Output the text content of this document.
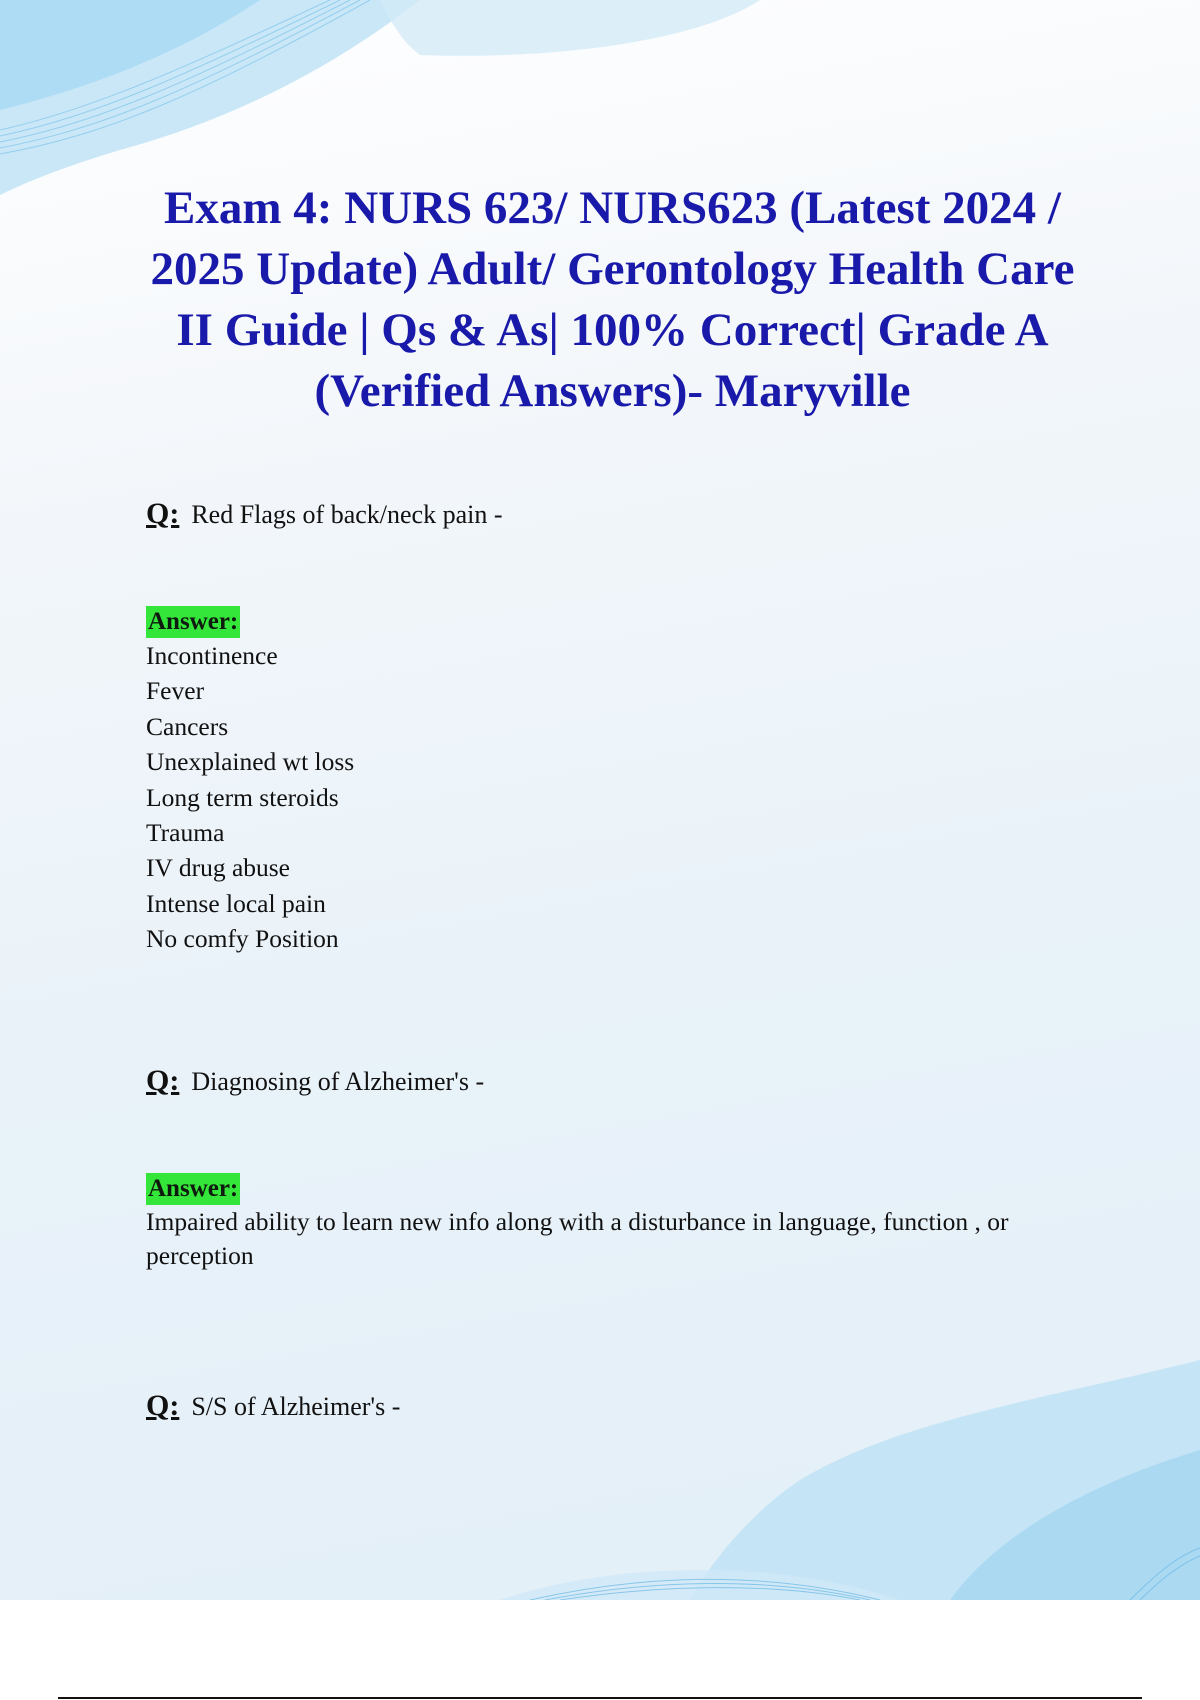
Exam 4: NURS 623/ NURS623 (Latest 2024 / 2025 Update) Adult/ Gerontology Health Care II Guide | Qs & As| 100% Correct| Grade A (Verified Answers)- Maryville
Q: Red Flags of back/neck pain -
Answer:
Incontinence
Fever
Cancers
Unexplained wt loss
Long term steroids
Trauma
IV drug abuse
Intense local pain
No comfy Position
Q: Diagnosing of Alzheimer's -
Answer:

Impaired ability to learn new info along with a disturbance in language, function , or perception

Q: S/S of Alzheimer's -
